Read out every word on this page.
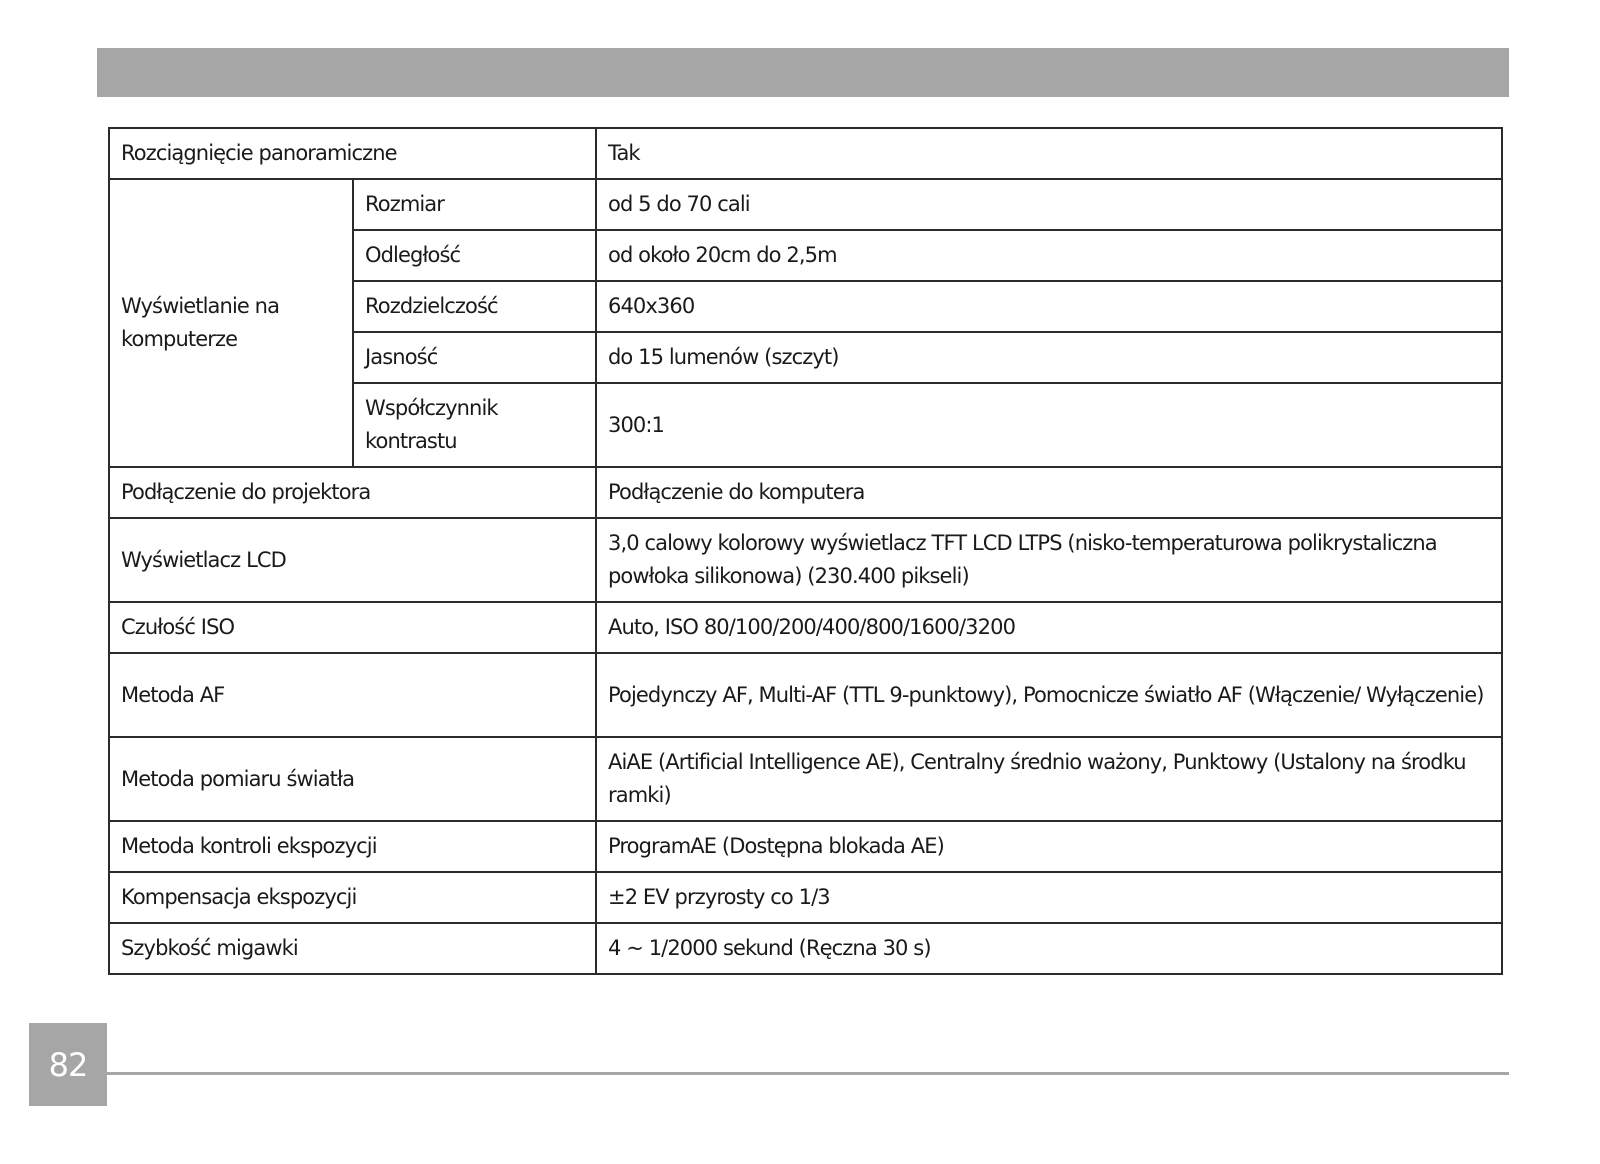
Rozciągnięcie panoramiczne		Tak
Wyświetlanie na komputerze	Rozmiar	od 5 do 70 cali
	Odległość	od około 20cm do 2,5m
	Rozdzielczość	640x360
	Jasność	do 15 lumenów (szczyt)
	Współczynnik kontrastu	300:1
Podłączenie do projektora		Podłączenie do komputera
Wyświetlacz LCD		3,0 calowy kolorowy wyświetlacz TFT LCD LTPS (nisko-temperaturowa polikrystaliczna powłoka silikonowa) (230.400 pikseli)
Czułość ISO		Auto, ISO 80/100/200/400/800/1600/3200
Metoda AF		Pojedynczy AF, Multi-AF (TTL 9-punktowy), Pomocnicze światło AF (Włączenie/ Wyłączenie)
Metoda pomiaru światła		AiAE (Artificial Intelligence AE), Centralny średnio ważony, Punktowy (Ustalony na środku ramki)
Metoda kontroli ekspozycji		ProgramAE (Dostępna blokada AE)
Kompensacja ekspozycji		±2 EV przyrosty co 1/3
Szybkość migawki		4 ~ 1/2000 sekund (Ręczna 30 s)
82
